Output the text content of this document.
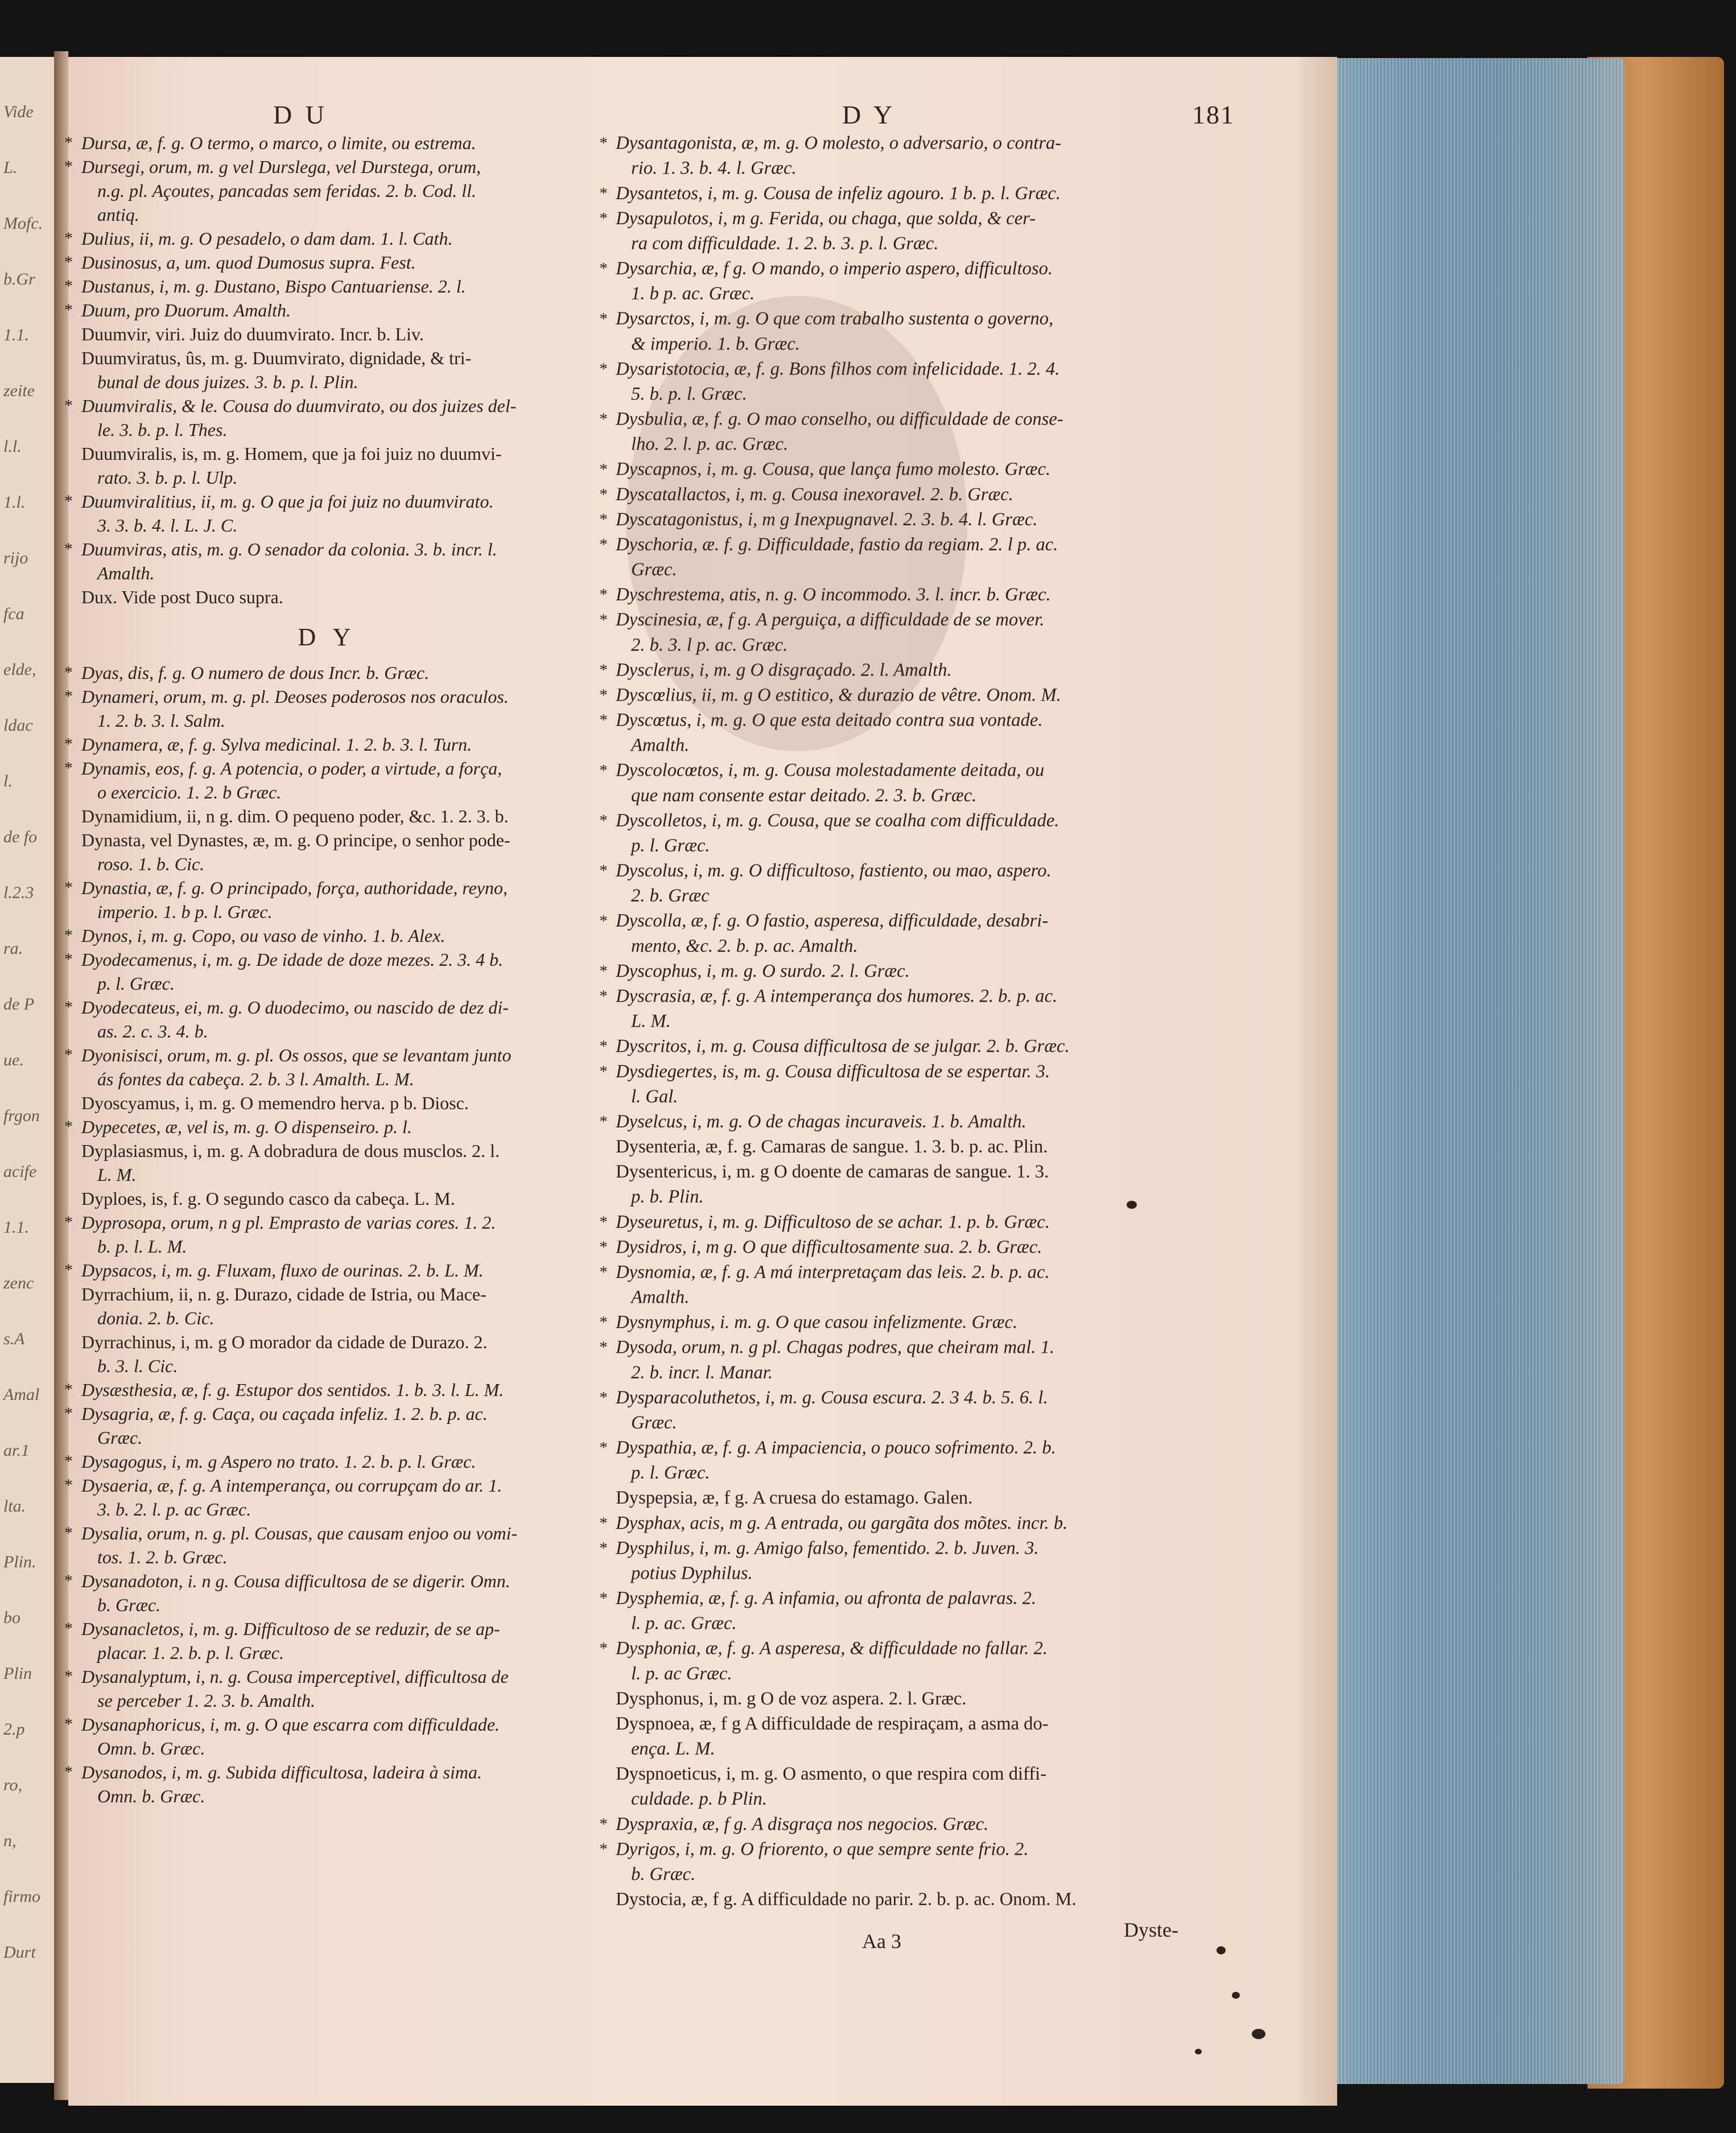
Vide
L.
Mofc.
b.Gr
1.1.
zeite
l.l.
1.l.
rijo
fca
elde,
ldac
l.
de fo
l.2.3
ra.
de P
ue.
frgon
acife
1.1.
zenc
s.A
Amal
ar.1
lta.
Plin.
bo
Plin
2.p
ro,
n,
firmo
Durt
D U	D Y	181
* Dursa, æ, f. g. O termo, o marco, o limite, ou estrema.
* Dursegi, orum, m. g vel Durslega, vel Durstega, orum,
n.g. pl. Açoutes, pancadas sem feridas. 2. b. Cod. ll.
antiq.
* Dulius, ii, m. g. O pesadelo, o dam dam. 1. l. Cath.
* Dusinosus, a, um. quod Dumosus supra. Fest.
* Dustanus, i, m. g. Dustano, Bispo Cantuariense. 2. l.
* Duum, pro Duorum. Amalth.
Duumvir, viri. Juiz do duumvirato. Incr. b. Liv.
Duumviratus, ûs, m. g. Duumvirato, dignidade, & tri-
bunal de dous juizes. 3. b. p. l. Plin.
* Duumviralis, & le. Cousa do duumvirato, ou dos juizes del-
le. 3. b. p. l. Thes.
Duumviralis, is, m. g. Homem, que ja foi juiz no duumvi-
rato. 3. b. p. l. Ulp.
* Duumviralitius, ii, m. g. O que ja foi juiz no duumvirato.
3. 3. b. 4. l. L. J. C.
* Duumviras, atis, m. g. O senador da colonia. 3. b. incr. l.
Amalth.
Dux. Vide post Duco supra.
D Y
* Dyas, dis, f. g. O numero de dous Incr. b. Græc.
* Dynameri, orum, m. g. pl. Deoses poderosos nos oraculos.
1. 2. b. 3. l. Salm.
* Dynamera, æ, f. g. Sylva medicinal. 1. 2. b. 3. l. Turn.
* Dynamis, eos, f. g. A potencia, o poder, a virtude, a força,
o exercicio. 1. 2. b Græc.
Dynamidium, ii, n g. dim. O pequeno poder, &c. 1. 2. 3. b.
Dynasta, vel Dynastes, æ, m. g. O principe, o senhor pode-
roso. 1. b. Cic.
* Dynastia, æ, f. g. O principado, força, authoridade, reyno,
imperio. 1. b p. l. Græc.
* Dynos, i, m. g. Copo, ou vaso de vinho. 1. b. Alex.
* Dyodecamenus, i, m. g. De idade de doze mezes. 2. 3. 4 b.
p. l. Græc.
* Dyodecateus, ei, m. g. O duodecimo, ou nascido de dez di-
as. 2. c. 3. 4. b.
* Dyonisisci, orum, m. g. pl. Os ossos, que se levantam junto
ás fontes da cabeça. 2. b. 3 l. Amalth. L. M.
Dyoscyamus, i, m. g. O memendro herva. p b. Diosc.
* Dypecetes, æ, vel is, m. g. O dispenseiro. p. l.
Dyplasiasmus, i, m. g. A dobradura de dous musclos. 2. l.
L. M.
Dyploes, is, f. g. O segundo casco da cabeça. L. M.
* Dyprosopa, orum, n g pl. Emprasto de varias cores. 1. 2.
b. p. l. L. M.
* Dypsacos, i, m. g. Fluxam, fluxo de ourinas. 2. b. L. M.
Dyrrachium, ii, n. g. Durazo, cidade de Istria, ou Mace-
donia. 2. b. Cic.
Dyrrachinus, i, m. g O morador da cidade de Durazo. 2.
b. 3. l. Cic.
* Dysæsthesia, æ, f. g. Estupor dos sentidos. 1. b. 3. l. L. M.
* Dysagria, æ, f. g. Caça, ou caçada infeliz. 1. 2. b. p. ac.
Græc.
* Dysagogus, i, m. g Aspero no trato. 1. 2. b. p. l. Græc.
* Dysaeria, æ, f. g. A intemperança, ou corrupçam do ar. 1.
3. b. 2. l. p. ac Græc.
* Dysalia, orum, n. g. pl. Cousas, que causam enjoo ou vomi-
tos. 1. 2. b. Græc.
* Dysanadoton, i. n g. Cousa difficultosa de se digerir. Omn.
b. Græc.
* Dysanacletos, i, m. g. Difficultoso de se reduzir, de se ap-
placar. 1. 2. b. p. l. Græc.
* Dysanalyptum, i, n. g. Cousa imperceptivel, difficultosa de
se perceber 1. 2. 3. b. Amalth.
* Dysanaphoricus, i, m. g. O que escarra com difficuldade.
Omn. b. Græc.
* Dysanodos, i, m. g. Subida difficultosa, ladeira à sima.
Omn. b. Græc.
* Dysantagonista, æ, m. g. O molesto, o adversario, o contra-
rio. 1. 3. b. 4. l. Græc.
* Dysantetos, i, m. g. Cousa de infeliz agouro. 1 b. p. l. Græc.
* Dysapulotos, i, m g. Ferida, ou chaga, que solda, & cer-
ra com difficuldade. 1. 2. b. 3. p. l. Græc.
* Dysarchia, æ, f g. O mando, o imperio aspero, difficultoso.
1. b p. ac. Græc.
* Dysarctos, i, m. g. O que com trabalho sustenta o governo,
& imperio. 1. b. Græc.
* Dysaristotocia, æ, f. g. Bons filhos com infelicidade. 1. 2. 4.
5. b. p. l. Græc.
* Dysbulia, æ, f. g. O mao conselho, ou difficuldade de conse-
lho. 2. l. p. ac. Græc.
* Dyscapnos, i, m. g. Cousa, que lança fumo molesto. Græc.
* Dyscatallactos, i, m. g. Cousa inexoravel. 2. b. Græc.
* Dyscatagonistus, i, m g Inexpugnavel. 2. 3. b. 4. l. Græc.
* Dyschoria, æ. f. g. Difficuldade, fastio da regiam. 2. l p. ac.
Græc.
* Dyschrestema, atis, n. g. O incommodo. 3. l. incr. b. Græc.
* Dyscinesia, æ, f g. A perguiça, a difficuldade de se mover.
2. b. 3. l p. ac. Græc.
* Dysclerus, i, m. g O disgraçado. 2. l. Amalth.
* Dyscœlius, ii, m. g O estitico, & durazio de vêtre. Onom. M.
* Dyscœtus, i, m. g. O que esta deitado contra sua vontade.
Amalth.
* Dyscolocœtos, i, m. g. Cousa molestadamente deitada, ou
que nam consente estar deitado. 2. 3. b. Græc.
* Dyscolletos, i, m. g. Cousa, que se coalha com difficuldade.
p. l. Græc.
* Dyscolus, i, m. g. O difficultoso, fastiento, ou mao, aspero.
2. b. Græc
* Dyscolla, æ, f. g. O fastio, asperesa, difficuldade, desabri-
mento, &c. 2. b. p. ac. Amalth.
* Dyscophus, i, m. g. O surdo. 2. l. Græc.
* Dyscrasia, æ, f. g. A intemperança dos humores. 2. b. p. ac.
L. M.
* Dyscritos, i, m. g. Cousa difficultosa de se julgar. 2. b. Græc.
* Dysdiegertes, is, m. g. Cousa difficultosa de se espertar. 3.
l. Gal.
* Dyselcus, i, m. g. O de chagas incuraveis. 1. b. Amalth.
Dysenteria, æ, f. g. Camaras de sangue. 1. 3. b. p. ac. Plin.
Dysentericus, i, m. g O doente de camaras de sangue. 1. 3.
p. b. Plin.
* Dyseuretus, i, m. g. Difficultoso de se achar. 1. p. b. Græc.
* Dysidros, i, m g. O que difficultosamente sua. 2. b. Græc.
* Dysnomia, æ, f. g. A má interpretaçam das leis. 2. b. p. ac.
Amalth.
* Dysnymphus, i. m. g. O que casou infelizmente. Græc.
* Dysoda, orum, n. g pl. Chagas podres, que cheiram mal. 1.
2. b. incr. l. Manar.
* Dysparacoluthetos, i, m. g. Cousa escura. 2. 3 4. b. 5. 6. l.
Græc.
* Dyspathia, æ, f. g. A impaciencia, o pouco sofrimento. 2. b.
p. l. Græc.
Dyspepsia, æ, f g. A cruesa do estamago. Galen.
* Dysphax, acis, m g. A entrada, ou gargãta dos mõtes. incr. b.
* Dysphilus, i, m. g. Amigo falso, fementido. 2. b. Juven. 3.
potius Dyphilus.
* Dysphemia, æ, f. g. A infamia, ou afronta de palavras. 2.
l. p. ac. Græc.
* Dysphonia, æ, f. g. A asperesa, & difficuldade no fallar. 2.
l. p. ac Græc.
Dysphonus, i, m. g O de voz aspera. 2. l. Græc.
Dyspnoea, æ, f g A difficuldade de respiraçam, a asma do-
ença. L. M.
Dyspnoeticus, i, m. g. O asmento, o que respira com diffi-
culdade. p. b Plin.
* Dyspraxia, æ, f g. A disgraça nos negocios. Græc.
* Dyrigos, i, m. g. O friorento, o que sempre sente frio. 2.
b. Græc.
Dystocia, æ, f g. A difficuldade no parir. 2. b. p. ac. Onom. M.
Aa 3	Dyste-
